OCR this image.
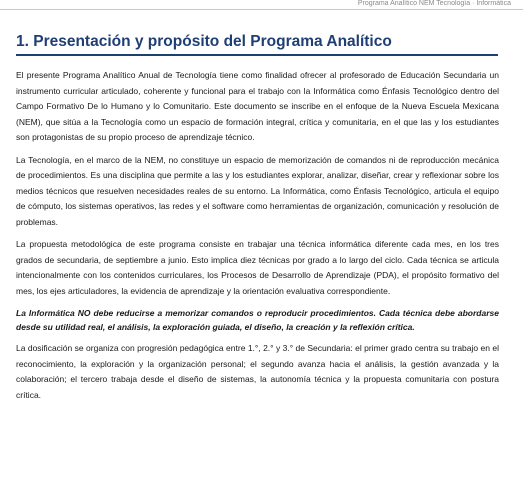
Programa Analítico NEM Tecnología · Informática
1. Presentación y propósito del Programa Analítico

El presente Programa Analítico Anual de Tecnología tiene como finalidad ofrecer al profesorado de Educación Secundaria un instrumento curricular articulado, coherente y funcional para el trabajo con la Informática como Énfasis Tecnológico dentro del Campo Formativo De lo Humano y lo Comunitario. Este documento se inscribe en el enfoque de la Nueva Escuela Mexicana (NEM), que sitúa a la Tecnología como un espacio de formación integral, crítica y comunitaria, en el que las y los estudiantes son protagonistas de su propio proceso de aprendizaje técnico.

La Tecnología, en el marco de la NEM, no constituye un espacio de memorización de comandos ni de reproducción mecánica de procedimientos. Es una disciplina que permite a las y los estudiantes explorar, analizar, diseñar, crear y reflexionar sobre los medios técnicos que resuelven necesidades reales de su entorno. La Informática, como Énfasis Tecnológico, articula el equipo de cómputo, los sistemas operativos, las redes y el software como herramientas de organización, comunicación y resolución de problemas.

La propuesta metodológica de este programa consiste en trabajar una técnica informática diferente cada mes, en los tres grados de secundaria, de septiembre a junio. Esto implica diez técnicas por grado a lo largo del ciclo. Cada técnica se articula intencionalmente con los contenidos curriculares, los Procesos de Desarrollo de Aprendizaje (PDA), el propósito formativo del mes, los ejes articuladores, la evidencia de aprendizaje y la orientación evaluativa correspondiente.

La Informática NO debe reducirse a memorizar comandos o reproducir procedimientos. Cada técnica debe abordarse desde su utilidad real, el análisis, la exploración guiada, el diseño, la creación y la reflexión crítica.

La dosificación se organiza con progresión pedagógica entre 1.°, 2.° y 3.° de Secundaria: el primer grado centra su trabajo en el reconocimiento, la exploración y la organización personal; el segundo avanza hacia el análisis, la gestión avanzada y la colaboración; el tercero trabaja desde el diseño de sistemas, la autonomía técnica y la propuesta comunitaria con postura crítica.
